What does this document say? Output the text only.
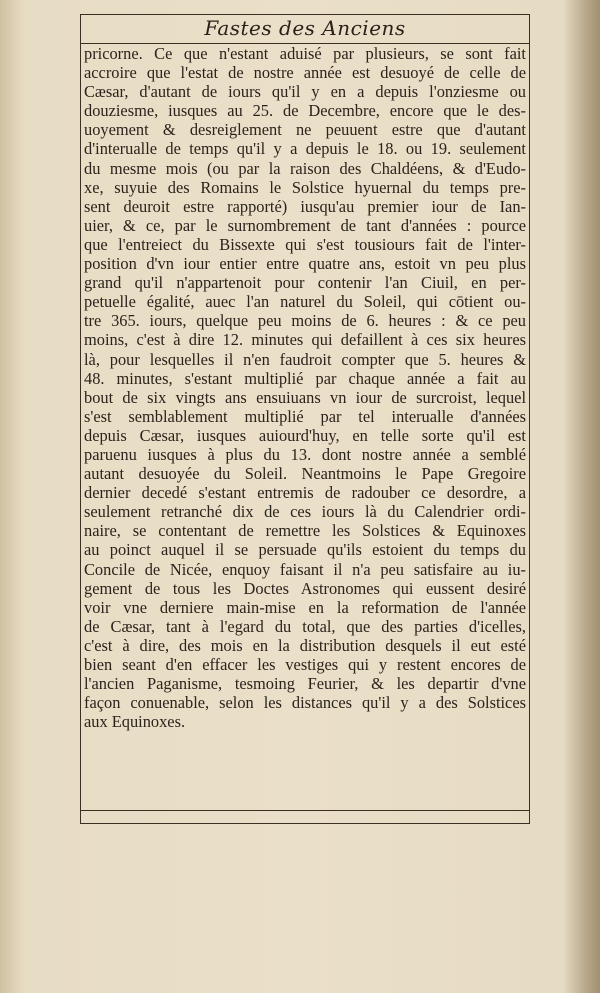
Fastes des Anciens
pricorne. Ce que n'estant aduisé par plusieurs, se sont fait
accroire que l'estat de nostre année est desuoyé de celle de
Cæsar, d'autant de iours qu'il y en a depuis l'onziesme ou
douziesme, iusques au 25. de Decembre, encore que le des-
uoyement & desreiglement ne peuuent estre que d'autant
d'interualle de temps qu'il y a depuis le 18. ou 19. seulement
du mesme mois (ou par la raison des Chaldéens, & d'Eudo-
xe, suyuie des Romains le Solstice hyuernal du temps pre-
sent deuroit estre rapporté) iusqu'au premier iour de Ian-
uier, & ce, par le surnombrement de tant d'années : pource
que l'entreiect du Bissexte qui s'est tousiours fait de l'inter-
position d'vn iour entier entre quatre ans, estoit vn peu plus
grand qu'il n'appartenoit pour contenir l'an Ciuil, en per-
petuelle égalité, auec l'an naturel du Soleil, qui cōtient ou-
tre 365. iours, quelque peu moins de 6. heures : & ce peu
moins, c'est à dire 12. minutes qui defaillent à ces six heures
là, pour lesquelles il n'en faudroit compter que 5. heures &
48. minutes, s'estant multiplié par chaque année a fait au
bout de six vingts ans ensuiuans vn iour de surcroist, lequel
s'est semblablement multiplié par tel interualle d'années
depuis Cæsar, iusques auiourd'huy, en telle sorte qu'il est
paruenu iusques à plus du 13. dont nostre année a semblé
autant desuoyée du Soleil. Neantmoins le Pape Gregoire
dernier decedé s'estant entremis de radouber ce desordre, a
seulement retranché dix de ces iours là du Calendrier ordi-
naire, se contentant de remettre les Solstices & Equinoxes
au poinct auquel il se persuade qu'ils estoient du temps du
Concile de Nicée, enquoy faisant il n'a peu satisfaire au iu-
gement de tous les Doctes Astronomes qui eussent desiré
voir vne derniere main-mise en la reformation de l'année
de Cæsar, tant à l'egard du total, que des parties d'icelles,
c'est à dire, des mois en la distribution desquels il eut esté
bien seant d'en effacer les vestiges qui y restent encores de
l'ancien Paganisme, tesmoing Feurier, & les departir d'vne
façon conuenable, selon les distances qu'il y a des Solstices
aux Equinoxes.
